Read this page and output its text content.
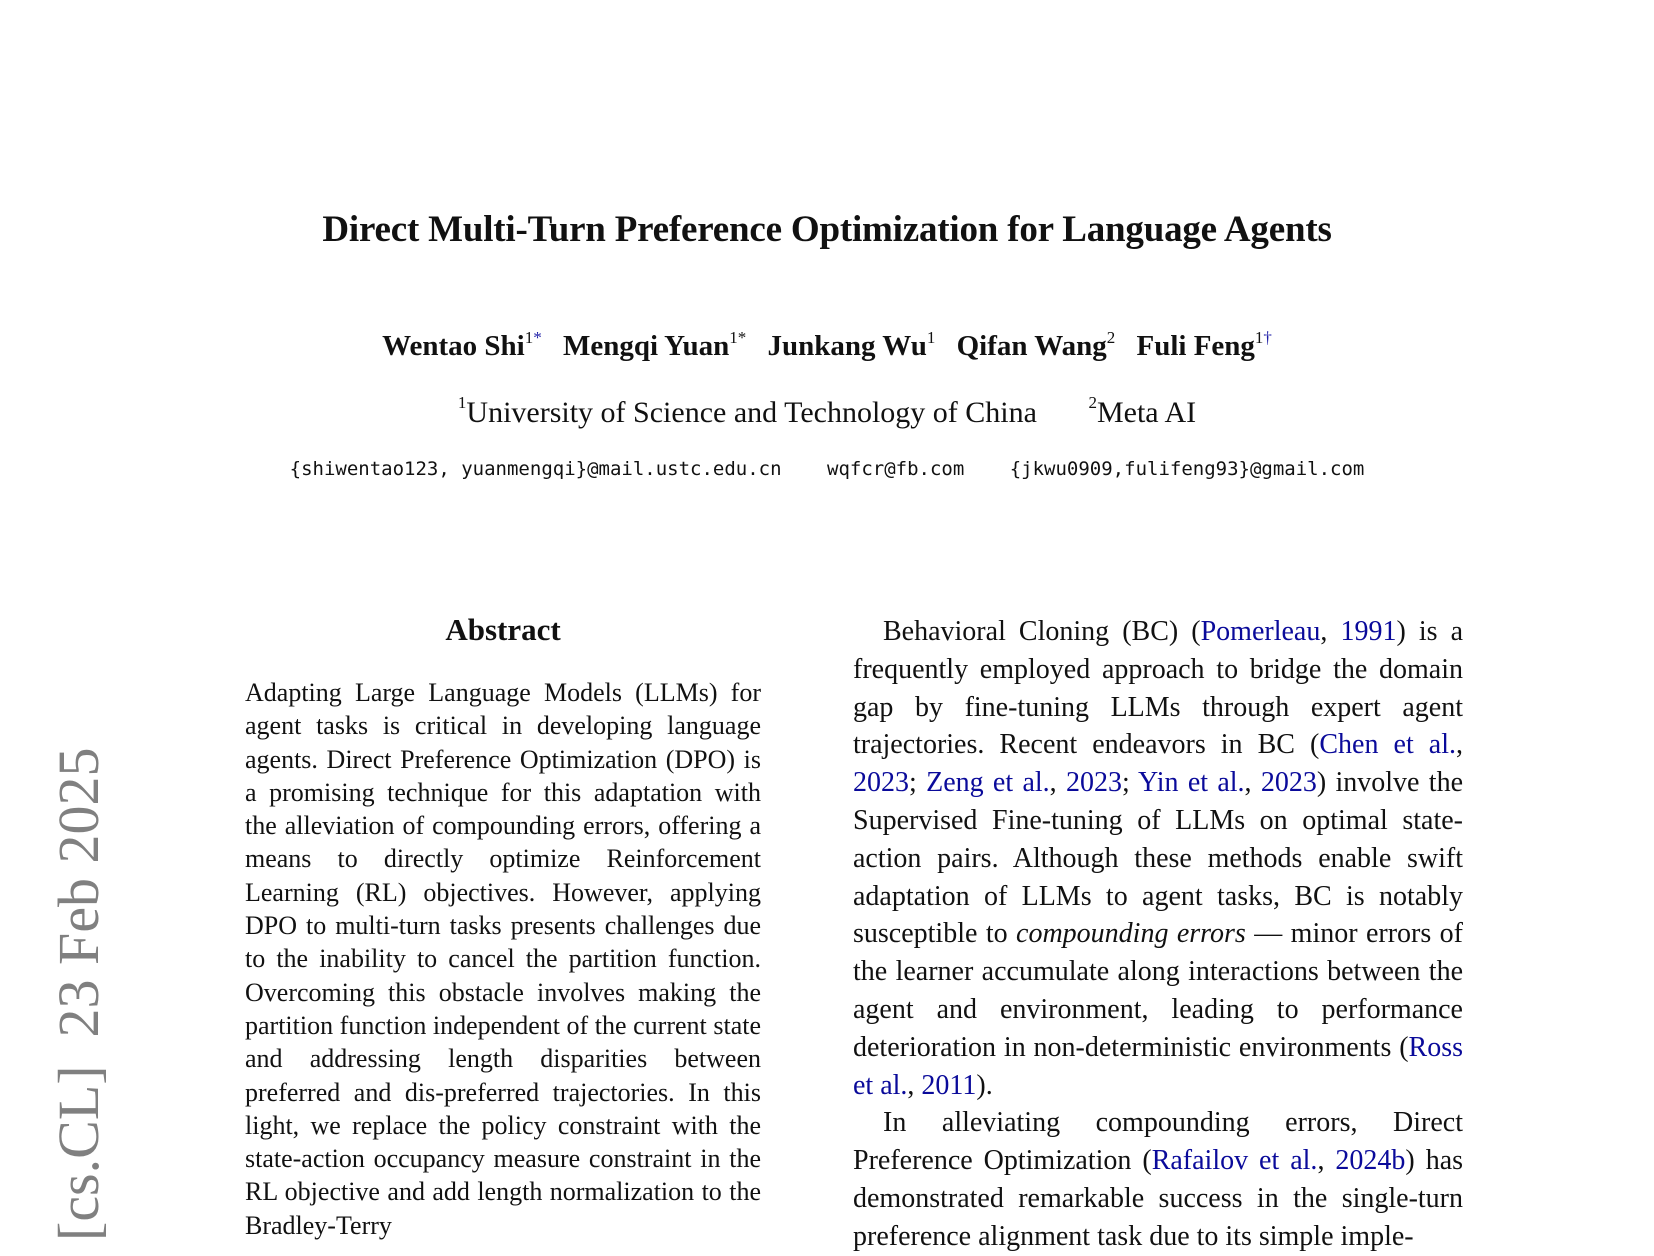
[cs.CL]23 Feb 2025
Direct Multi-Turn Preference Optimization for Language Agents
Wentao Shi$^{1*}$ Mengqi Yuan$^{1*}$ Junkang Wu$^1$ Qifan Wang$^2$ Fuli Feng$^{1\dagger}$
$^1$University of Science and Technology of China	$^2$Meta AI
{shiwentao123, yuanmengqi}@mail.ustc.edu.cn wqfcr@fb.com {jkwu0909,fulifeng93}@gmail.com
Abstract
Adapting Large Language Models (LLMs) for agent tasks is critical in developing language agents. Direct Preference Optimization (DPO) is a promising technique for this adaptation with the alleviation of compounding errors, offering a means to directly optimize Reinforcement Learning (RL) objectives. However, applying DPO to multi-turn tasks presents challenges due to the inability to cancel the partition function. Overcoming this obstacle involves making the partition function independent of the current state and addressing length disparities between preferred and dis-preferred trajectories. In this light, we replace the policy constraint with the state-action occupancy measure constraint in the RL objective and add length normalization to the Bradley-Terry

Behavioral Cloning (BC) (Pomerleau, 1991) is a frequently employed approach to bridge the domain gap by fine-tuning LLMs through expert agent trajectories. Recent endeavors in BC (Chen et al., 2023; Zeng et al., 2023; Yin et al., 2023) involve the Supervised Fine-tuning of LLMs on optimal state-action pairs. Although these methods enable swift adaptation of LLMs to agent tasks, BC is notably susceptible to compounding errors — minor errors of the learner accumulate along interactions between the agent and environment, leading to performance deterioration in non-deterministic environments (Ross et al., 2011).

In alleviating compounding errors, Direct Preference Optimization (Rafailov et al., 2024b) has demonstrated remarkable success in the single-turn preference alignment task due to its simple imple-
